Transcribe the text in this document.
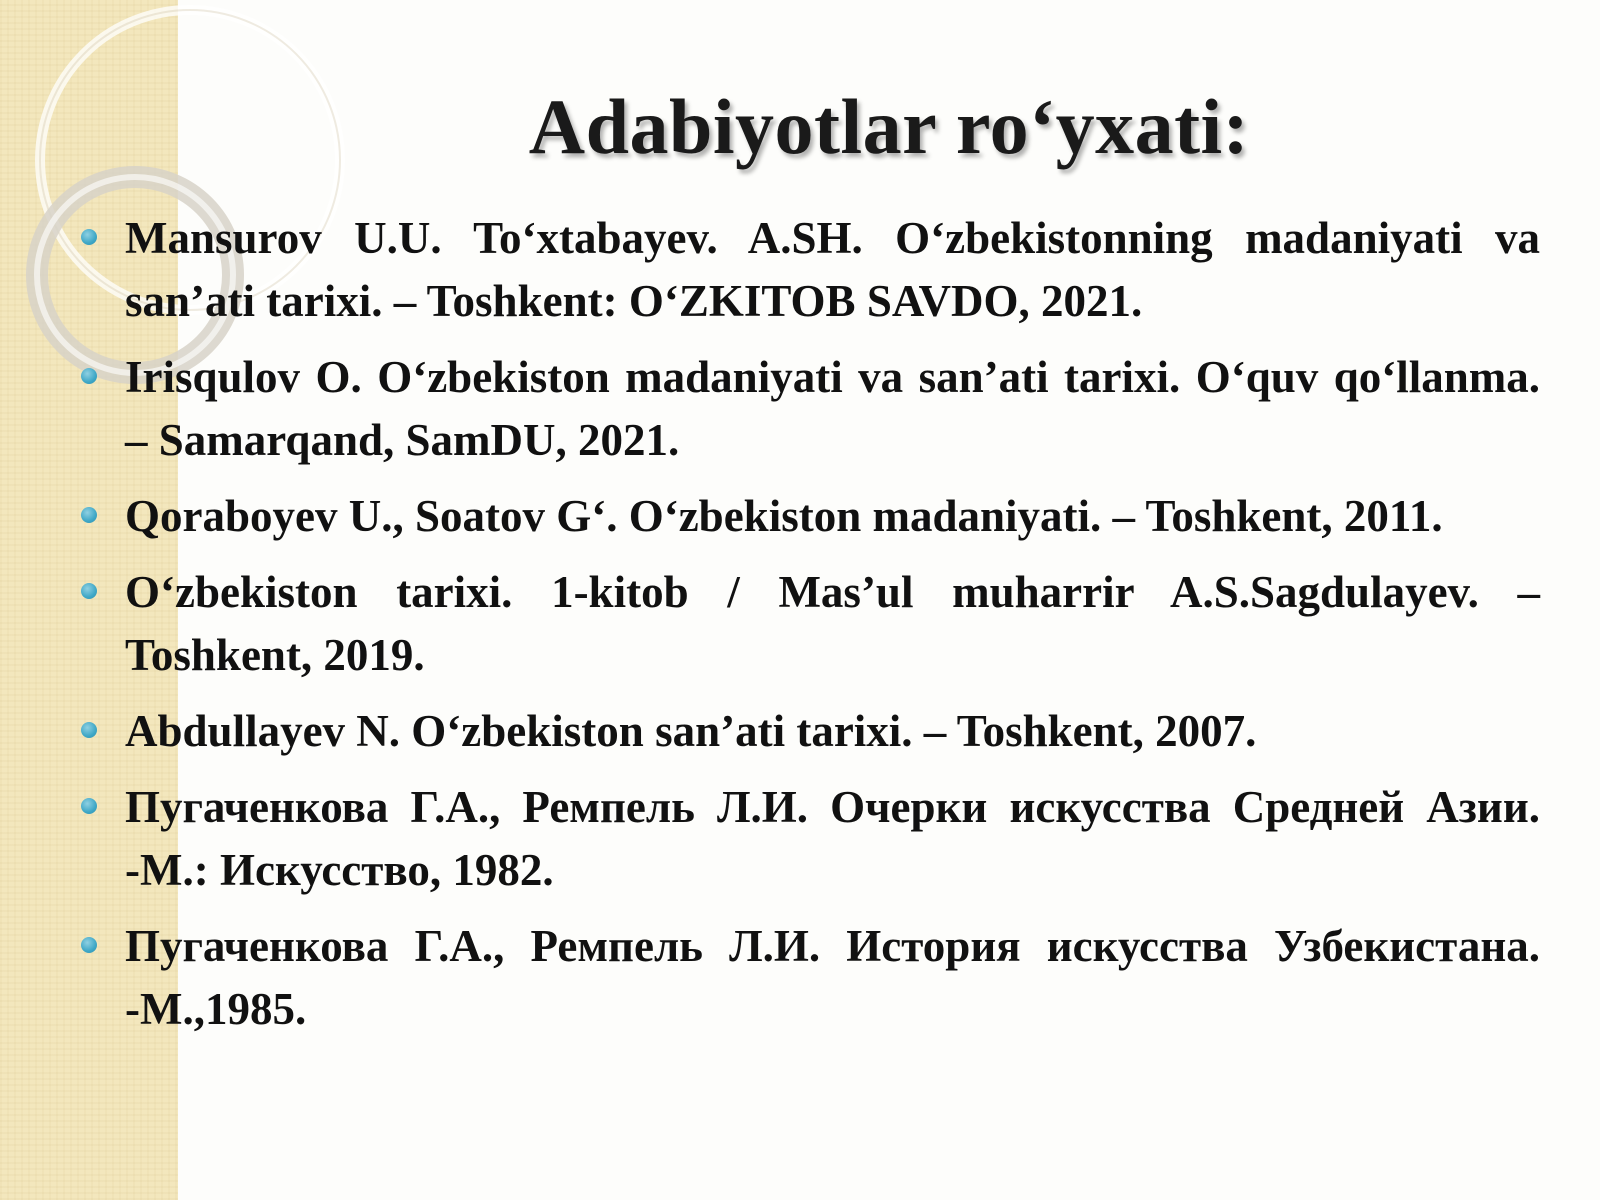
Adabiyotlar ro‘yxati:
Mansurov U.U. To‘xtabayev. A.SH. O‘zbekistonning madaniyati va san’ati tarixi. – Toshkent: O‘ZKITOB SAVDO, 2021.
Irisqulov O. O‘zbekiston madaniyati va san’ati tarixi. O‘quv qo‘llanma. – Samarqand, SamDU, 2021.
Qoraboyev U., Soatov G‘. O‘zbekiston madaniyati. – Toshkent, 2011.
O‘zbekiston tarixi. 1-kitob / Mas’ul muharrir A.S.Sagdulayev. – Toshkent, 2019.
Abdullayev N. O‘zbekiston san’ati tarixi. – Toshkent, 2007.
Пугаченкова Г.А., Ремпель Л.И. Очерки искусства Средней Азии. -М.: Искусство, 1982.
Пугаченкова Г.А., Ремпель Л.И. История искусства Узбекистана. -М.,1985.
